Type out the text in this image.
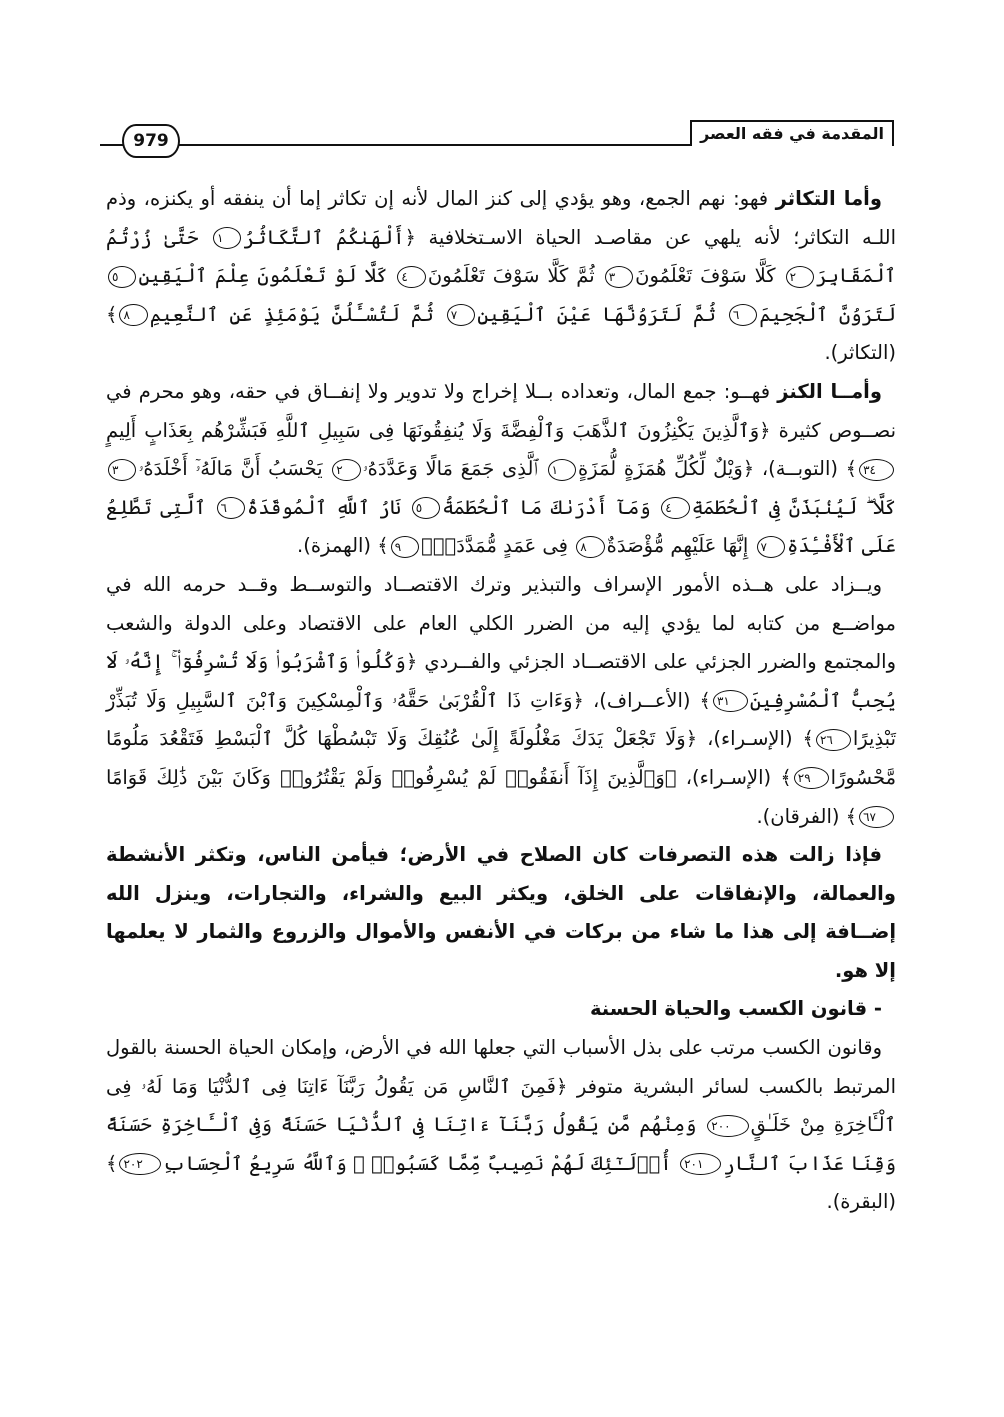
المقدمة في فقه العصر
979

وأما التكاثر فهو: نهم الجمع، وهو يؤدي إلى كنز المال لأنه إن تكاثر إما أن ينفقه أو يكنزه، وذم اللـه التكاثر؛ لأنه يلهي عن مقاصـد الحياة الاسـتخلافية ﴿أَلْهَىٰكُمُ ٱلتَّكَاثُرُ١ حَتَّىٰ زُرْتُمُ ٱلْمَقَابِرَ٢ كَلَّا سَوْفَ تَعْلَمُونَ٣ ثُمَّ كَلَّا سَوْفَ تَعْلَمُونَ٤ كَلَّا لَوْ تَعْلَمُونَ عِلْمَ ٱلْيَقِينِ٥ لَتَرَوُنَّ ٱلْجَحِيمَ٦ ثُمَّ لَتَرَوُنَّهَا عَيْنَ ٱلْيَقِينِ٧ ثُمَّ لَتُسْـَٔلُنَّ يَوْمَئِذٍ عَنِ ٱلنَّعِيمِ٨﴾ (التكاثر).

وأمــا الكنز فهــو: جمع المال، وتعداده بــلا إخراج ولا تدوير ولا إنفــاق في حقه، وهو محرم في نصــوص كثيرة ﴿وَٱلَّذِينَ يَكْنِزُونَ ٱلذَّهَبَ وَٱلْفِضَّةَ وَلَا يُنفِقُونَهَا فِى سَبِيلِ ٱللَّهِ فَبَشِّرْهُم بِعَذَابٍ أَلِيمٍ٣٤﴾ (التوبــة)، ﴿وَيْلٌ لِّكُلِّ هُمَزَةٍ لُّمَزَةٍ١ ٱلَّذِى جَمَعَ مَالًا وَعَدَّدَهُۥ٢ يَحْسَبُ أَنَّ مَالَهُۥٓ أَخْلَدَهُۥ٣ كَلَّا ۖ لَيُنۢبَذَنَّ فِى ٱلْحُطَمَةِ٤ وَمَآ أَدْرَىٰكَ مَا ٱلْحُطَمَةُ٥ نَارُ ٱللَّهِ ٱلْمُوقَدَةُ٦ ٱلَّتِى تَطَّلِعُ عَلَى ٱلْأَفْـِٔدَةِ٧ إِنَّهَا عَلَيْهِم مُّؤْصَدَةٌ٨ فِى عَمَدٍ مُّمَدَّدَةٍۭ٩﴾ (الهمزة).

ويــزاد على هــذه الأمور الإسراف والتبذير وترك الاقتصــاد والتوســط وقــد حرمه الله في مواضــع من كتابه لما يؤدي إليه من الضرر الكلي العام على الاقتصاد وعلى الدولة والشعب والمجتمع والضرر الجزئي على الاقتصــاد الجزئي والفــردي ﴿وَكُلُوا۟ وَٱشْرَبُوا۟ وَلَا تُسْرِفُوٓا۟ ۚ إِنَّهُۥ لَا يُحِبُّ ٱلْمُسْرِفِينَ٣١﴾ (الأعــراف)، ﴿وَءَاتِ ذَا ٱلْقُرْبَىٰ حَقَّهُۥ وَٱلْمِسْكِينَ وَٱبْنَ ٱلسَّبِيلِ وَلَا تُبَذِّرْ تَبْذِيرًا٢٦﴾ (الإسـراء)، ﴿وَلَا تَجْعَلْ يَدَكَ مَغْلُولَةً إِلَىٰ عُنُقِكَ وَلَا تَبْسُطْهَا كُلَّ ٱلْبَسْطِ فَتَقْعُدَ مَلُومًا مَّحْسُورًا٢٩﴾ (الإسـراء)، ﴿وَٱلَّذِينَ إِذَآ أَنفَقُوا۟ لَمْ يُسْرِفُوا۟ وَلَمْ يَقْتُرُوا۟ وَكَانَ بَيْنَ ذَٰلِكَ قَوَامًا٦٧﴾ (الفرقان).

فإذا زالت هذه التصرفات كان الصلاح في الأرض؛ فيأمن الناس، وتكثر الأنشطة والعمالة، والإنفاقات على الخلق، ويكثر البيع والشراء، والتجارات، وينزل الله إضــافة إلى هذا ما شاء من بركات في الأنفس والأموال والزروع والثمار لا يعلمها إلا هو.

- قانون الكسب والحياة الحسنة

وقانون الكسب مرتب على بذل الأسباب التي جعلها الله في الأرض، وإمكان الحياة الحسنة بالقول المرتبط بالكسب لسائر البشرية متوفر ﴿فَمِنَ ٱلنَّاسِ مَن يَقُولُ رَبَّنَآ ءَاتِنَا فِى ٱلدُّنْيَا وَمَا لَهُۥ فِى ٱلْـَٔاخِرَةِ مِنْ خَلَـٰقٍ٢٠٠ وَمِنْهُم مَّن يَقُولُ رَبَّنَآ ءَاتِنَا فِى ٱلدُّنْيَا حَسَنَةً وَفِى ٱلْـَٔاخِرَةِ حَسَنَةً وَقِنَا عَذَابَ ٱلنَّارِ٢٠١ أُو۟لَـٰٓئِكَ لَهُمْ نَصِيبٌ مِّمَّا كَسَبُوا۟ ۚ وَٱللَّهُ سَرِيعُ ٱلْحِسَابِ٢٠٢﴾ (البقرة).
